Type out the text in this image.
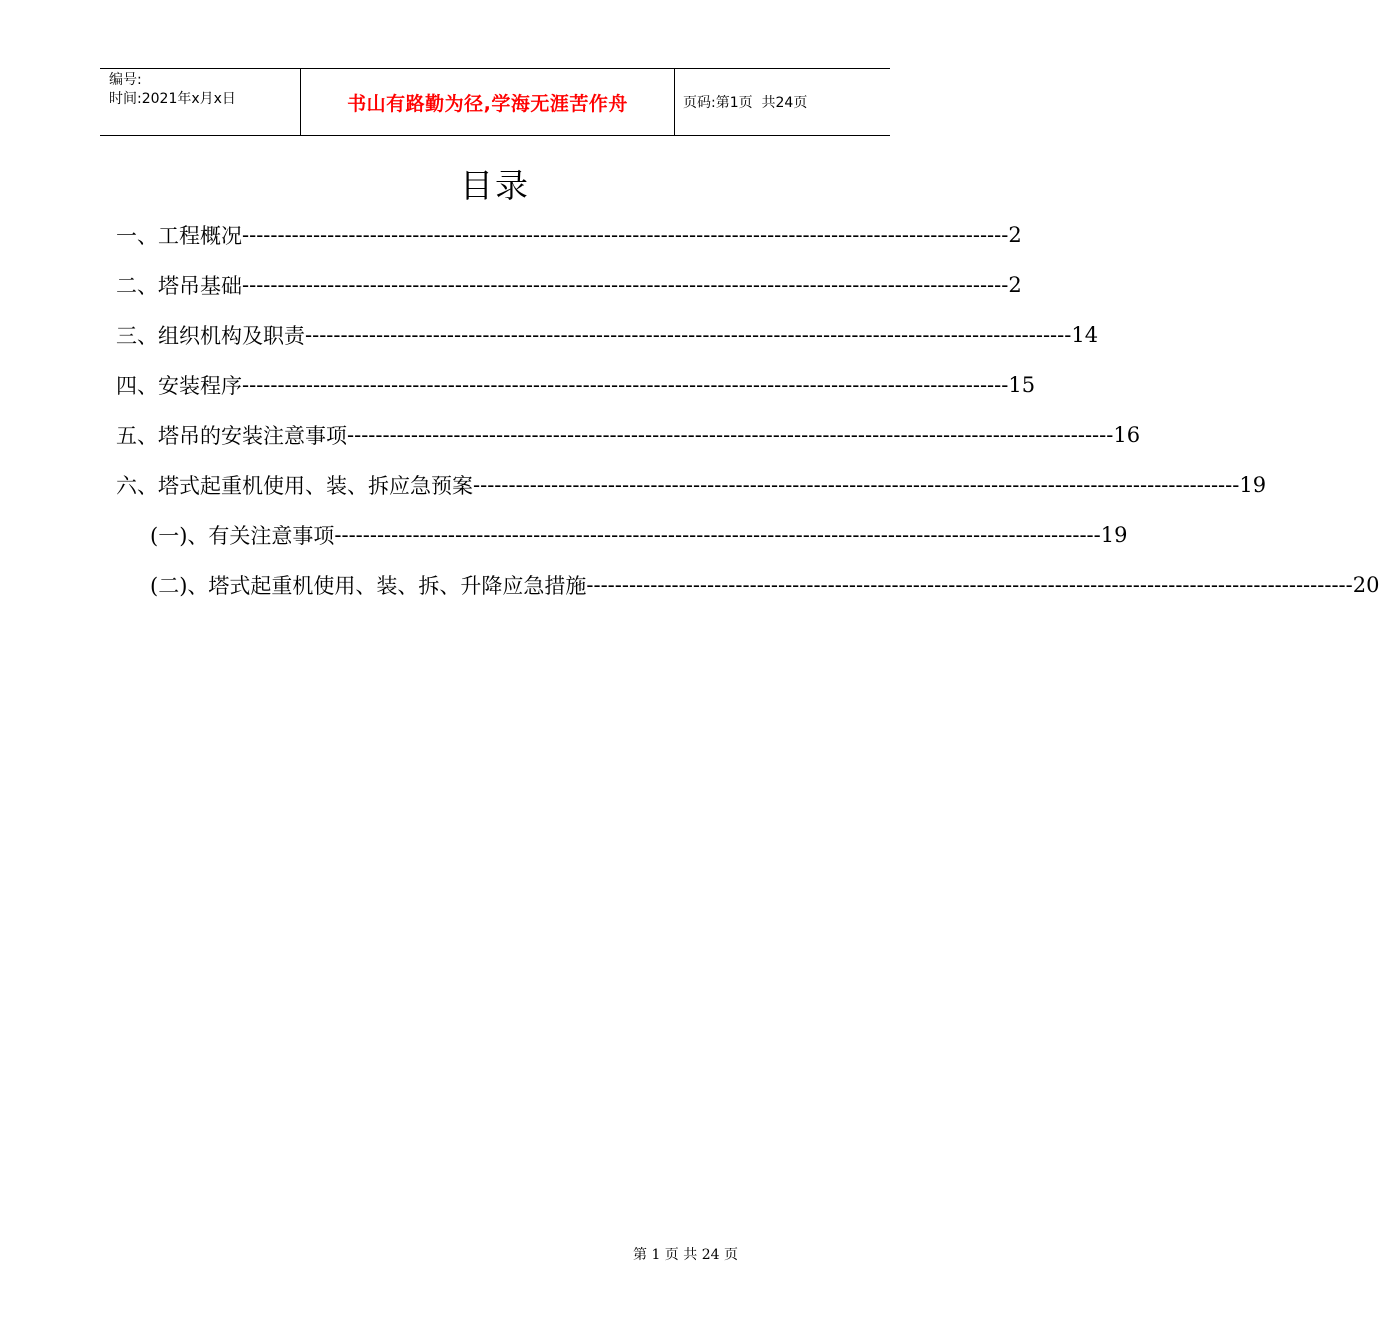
编号:
时间:2021年x月x日	书山有路勤为径,学海无涯苦作舟	页码:第1页  共24页
目录
一、 工程概况 ------------------------------------------------------------------------------------------------------------ 2
二、 塔吊基础 ------------------------------------------------------------------------------------------------------------ 2
三、 组织机构及职责 ------------------------------------------------------------------------------------------------------------ 14
四、 安装程序 ------------------------------------------------------------------------------------------------------------ 15
五、 塔吊的安装注意事项 ------------------------------------------------------------------------------------------------------------ 16
六、 塔式起重机使用、装、拆应急预案 ------------------------------------------------------------------------------------------------------------ 19
(一)、有关注意事项 ------------------------------------------------------------------------------------------------------------ 19
(二)、塔式起重机使用、装、拆、升降应急措施 ------------------------------------------------------------------------------------------------------------ 20
第 1 页 共 24 页
